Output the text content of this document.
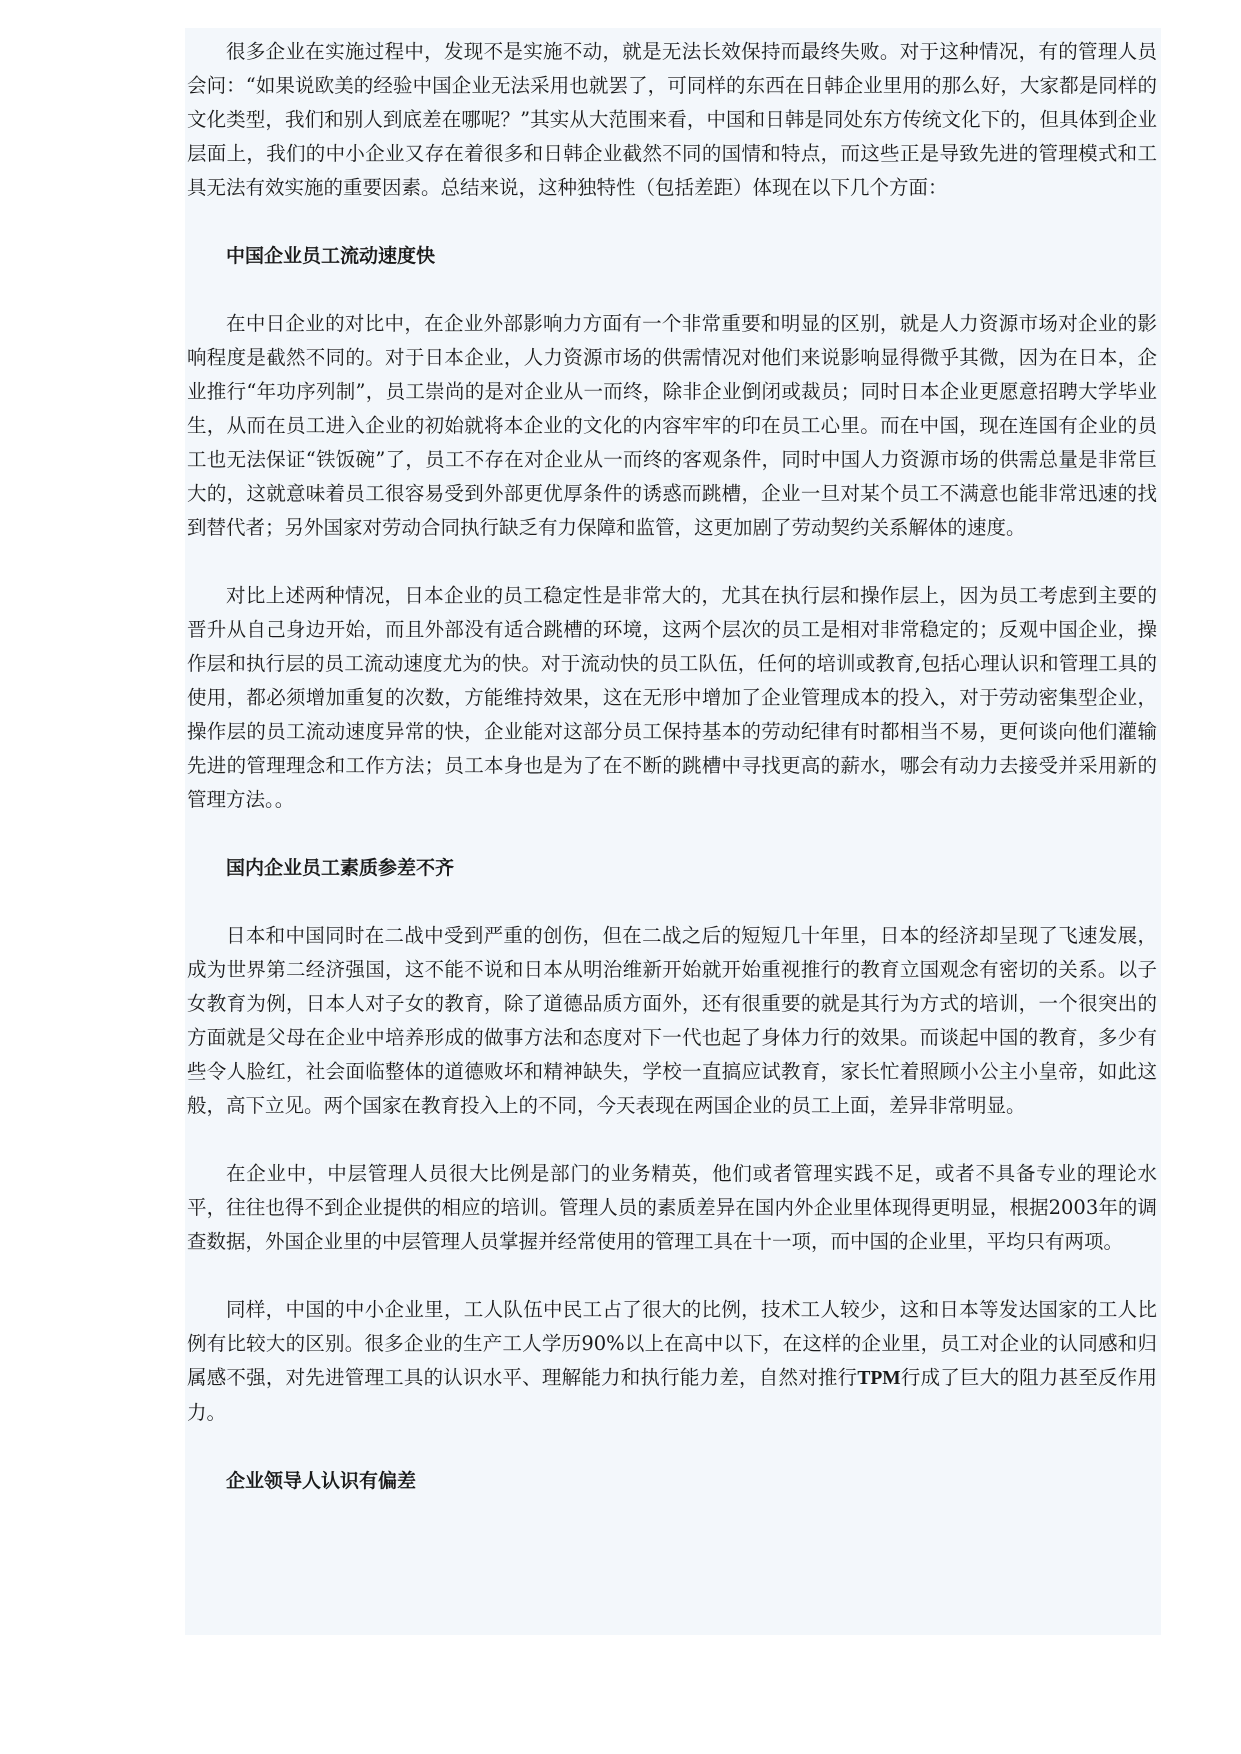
很多企业在实施过程中，发现不是实施不动，就是无法长效保持而最终失败。对于这种情况，有的管理人员会问：“如果说欧美的经验中国企业无法采用也就罢了，可同样的东西在日韩企业里用的那么好，大家都是同样的文化类型，我们和别人到底差在哪呢？”其实从大范围来看，中国和日韩是同处东方传统文化下的，但具体到企业层面上，我们的中小企业又存在着很多和日韩企业截然不同的国情和特点，而这些正是导致先进的管理模式和工具无法有效实施的重要因素。总结来说，这种独特性（包括差距）体现在以下几个方面：

中国企业员工流动速度快

在中日企业的对比中，在企业外部影响力方面有一个非常重要和明显的区别，就是人力资源市场对企业的影响程度是截然不同的。对于日本企业，人力资源市场的供需情况对他们来说影响显得微乎其微，因为在日本，企业推行“年功序列制”，员工崇尚的是对企业从一而终，除非企业倒闭或裁员；同时日本企业更愿意招聘大学毕业生，从而在员工进入企业的初始就将本企业的文化的内容牢牢的印在员工心里。而在中国，现在连国有企业的员工也无法保证“铁饭碗”了，员工不存在对企业从一而终的客观条件，同时中国人力资源市场的供需总量是非常巨大的，这就意味着员工很容易受到外部更优厚条件的诱惑而跳槽，企业一旦对某个员工不满意也能非常迅速的找到替代者；另外国家对劳动合同执行缺乏有力保障和监管，这更加剧了劳动契约关系解体的速度。

对比上述两种情况，日本企业的员工稳定性是非常大的，尤其在执行层和操作层上，因为员工考虑到主要的晋升从自己身边开始，而且外部没有适合跳槽的环境，这两个层次的员工是相对非常稳定的；反观中国企业，操作层和执行层的员工流动速度尤为的快。对于流动快的员工队伍，任何的培训或教育,包括心理认识和管理工具的使用，都必须增加重复的次数，方能维持效果，这在无形中增加了企业管理成本的投入，对于劳动密集型企业，操作层的员工流动速度异常的快，企业能对这部分员工保持基本的劳动纪律有时都相当不易，更何谈向他们灌输先进的管理理念和工作方法；员工本身也是为了在不断的跳槽中寻找更高的薪水，哪会有动力去接受并采用新的管理方法。。

国内企业员工素质参差不齐

日本和中国同时在二战中受到严重的创伤，但在二战之后的短短几十年里，日本的经济却呈现了飞速发展，成为世界第二经济强国，这不能不说和日本从明治维新开始就开始重视推行的教育立国观念有密切的关系。以子女教育为例，日本人对子女的教育，除了道德品质方面外，还有很重要的就是其行为方式的培训，一个很突出的方面就是父母在企业中培养形成的做事方法和态度对下一代也起了身体力行的效果。而谈起中国的教育，多少有些令人脸红，社会面临整体的道德败坏和精神缺失，学校一直搞应试教育，家长忙着照顾小公主小皇帝，如此这般，高下立见。两个国家在教育投入上的不同，今天表现在两国企业的员工上面，差异非常明显。

在企业中，中层管理人员很大比例是部门的业务精英，他们或者管理实践不足，或者不具备专业的理论水平，往往也得不到企业提供的相应的培训。管理人员的素质差异在国内外企业里体现得更明显，根据2003年的调查数据，外国企业里的中层管理人员掌握并经常使用的管理工具在十一项，而中国的企业里，平均只有两项。

同样，中国的中小企业里，工人队伍中民工占了很大的比例，技术工人较少，这和日本等发达国家的工人比例有比较大的区别。很多企业的生产工人学历90%以上在高中以下，在这样的企业里，员工对企业的认同感和归属感不强，对先进管理工具的认识水平、理解能力和执行能力差，自然对推行TPM行成了巨大的阻力甚至反作用力。

企业领导人认识有偏差
